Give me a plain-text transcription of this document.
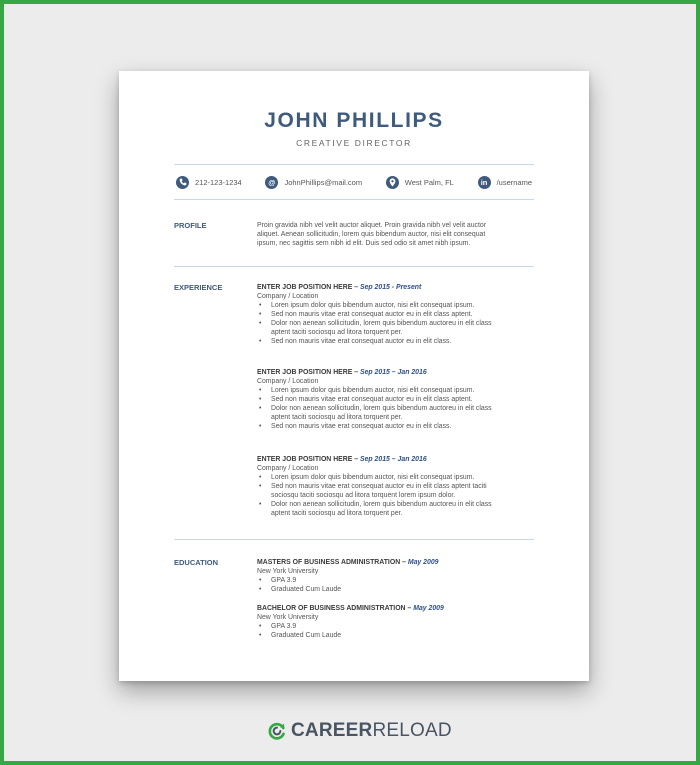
JOHN PHILLIPS
CREATIVE DIRECTOR
212-123-1234	@	JohnPhillips@mail.com	West Palm, FL	in	/username
PROFILE	Proin gravida nibh vel velit auctor aliquet. Proin gravida nibh vel velit auctor

aliquet. Aenean sollicitudin, lorem quis bibendum auctor, nisi elit consequat

ipsum, nec sagittis sem nibh id elit. Duis sed odio sit amet nibh ipsum.

EXPERIENCE	ENTER JOB POSITION HERE – Sep 2015 - Present
Company / Location
• Loren ipsum dolor quis bibendum auctor, nisi elit consequat ipsum.
• Sed non mauris vitae erat consequat auctor eu in elit class aptent.
• Dolor non aenean sollicitudin, lorem quis bibendum auctoreu in elit class
aptent taciti sociosqu ad litora torquent per.
• Sed non mauris vitae erat consequat auctor eu in elit class.
ENTER JOB POSITION HERE – Sep 2015 – Jan 2016
Company / Location
• Loren ipsum dolor quis bibendum auctor, nisi elit consequat ipsum.
• Sed non mauris vitae erat consequat auctor eu in elit class aptent.
• Dolor non aenean sollicitudin, lorem quis bibendum auctoreu in elit class
aptent taciti sociosqu ad litora torquent per.
• Sed non mauris vitae erat consequat auctor eu in elit class.
ENTER JOB POSITION HERE – Sep 2015 – Jan 2016
Company / Location
• Loren ipsum dolor quis bibendum auctor, nisi elit consequat ipsum.
• Sed non mauris vitae erat consequat auctor eu in elit class aptent taciti
sociosqu taciti sociosqu ad litora torquent lorem ipsum dolor.
• Dolor non aenean sollicitudin, lorem quis bibendum auctoreu in elit class
aptent taciti sociosqu ad litora torquent per.
EDUCATION	MASTERS OF BUSINESS ADMINISTRATION – May 2009
New York University
• GPA 3.9
• Graduated Cum Laude
BACHELOR OF BUSINESS ADMINISTRATION – May 2009
New York University
• GPA 3.9
• Graduated Cum Laude
CAREER RELOAD
